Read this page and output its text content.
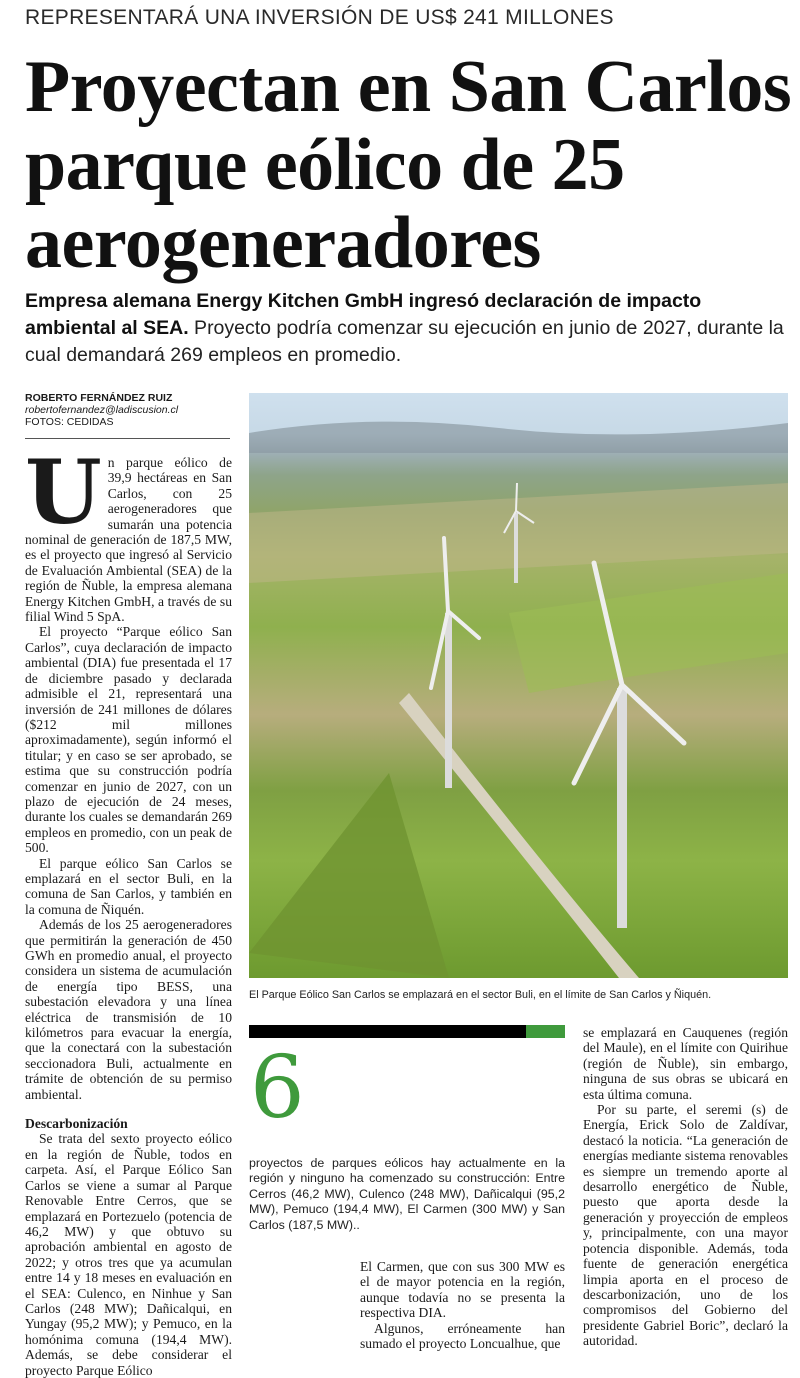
REPRESENTARÁ UNA INVERSIÓN DE US$ 241 MILLONES
Proyectan en San Carlos parque eólico de 25 aerogeneradores
Empresa alemana Energy Kitchen GmbH ingresó declaración de impacto ambiental al SEA. Proyecto podría comenzar su ejecución en junio de 2027, durante la cual demandará 269 empleos en promedio.
ROBERTO FERNÁNDEZ RUIZ
robertofernandez@ladiscusion.cl
FOTOS: CEDIDAS
U n parque eólico de 39,9 hectáreas en San Carlos, con 25 aerogeneradores que sumarán una potencia nominal de generación de 187,5 MW, es el proyecto que ingresó al Servicio de Evaluación Ambiental (SEA) de la región de Ñuble, la empresa alemana Energy Kitchen GmbH, a través de su filial Wind 5 SpA.

El proyecto “Parque eólico San Carlos”, cuya declaración de impacto ambiental (DIA) fue presentada el 17 de diciembre pasado y declarada admisible el 21, representará una inversión de 241 millones de dólares ($212 mil millones aproximadamente), según informó el titular; y en caso se ser aprobado, se estima que su construcción podría comenzar en junio de 2027, con un plazo de ejecución de 24 meses, durante los cuales se demandarán 269 empleos en promedio, con un peak de 500.

El parque eólico San Carlos se emplazará en el sector Buli, en la comuna de San Carlos, y también en la comuna de Ñiquén.

Además de los 25 aerogeneradores que permitirán la generación de 450 GWh en promedio anual, el proyecto considera un sistema de acumulación de energía tipo BESS, una subestación elevadora y una línea eléctrica de transmisión de 10 kilómetros para evacuar la energía, que la conectará con la subestación seccionadora Buli, actualmente en trámite de obtención de su permiso ambiental.

Descarbonización

Se trata del sexto proyecto eólico en la región de Ñuble, todos en carpeta. Así, el Parque Eólico San Carlos se viene a sumar al Parque Renovable Entre Cerros, que se emplazará en Portezuelo (potencia de 46,2 MW) y que obtuvo su aprobación ambiental en agosto de 2022; y otros tres que ya acumulan entre 14 y 18 meses en evaluación en el SEA: Culenco, en Ninhue y San Carlos (248 MW); Dañicalqui, en Yungay (95,2 MW); y Pemuco, en la homónima comuna (194,4 MW). Además, se debe considerar el proyecto Parque Eólico

El Parque Eólico San Carlos se emplazará en el sector Buli, en el límite de San Carlos y Ñiquén.
6
proyectos de parques eólicos hay actualmente en la región y ninguno ha comenzado su construcción: Entre Cerros (46,2 MW), Culenco (248 MW), Dañicalqui (95,2 MW), Pemuco (194,4 MW), El Carmen (300 MW) y San Carlos (187,5 MW)..

El Carmen, que con sus 300 MW es el de mayor potencia en la región, aunque todavía no se presenta la respectiva DIA.

Algunos, erróneamente han sumado el proyecto Loncualhue, que

se emplazará en Cauquenes (región del Maule), en el límite con Quirihue (región de Ñuble), sin embargo, ninguna de sus obras se ubicará en esta última comuna.

Por su parte, el seremi (s) de Energía, Erick Solo de Zaldívar, destacó la noticia. “La generación de energías mediante sistema renovables es siempre un tremendo aporte al desarrollo energético de Ñuble, puesto que aporta desde la generación y proyección de empleos y, principalmente, con una mayor potencia disponible. Además, toda fuente de generación energética limpia aporta en el proceso de descarbonización, uno de los compromisos del Gobierno del presidente Gabriel Boric”, declaró la autoridad.
